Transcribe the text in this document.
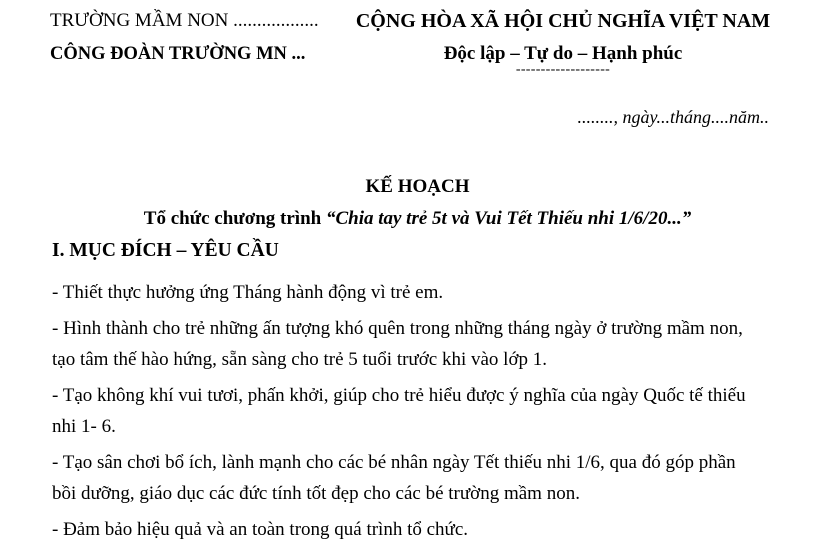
TRƯỜNG MẦM NON ..................
CÔNG ĐOÀN TRƯỜNG MN ...
CỘNG HÒA XÃ HỘI CHỦ NGHĨA VIỆT NAM
Độc lập – Tự do – Hạnh phúc
-------------------
........, ngày...tháng....năm..
KẾ HOẠCH
Tổ chức chương trình “Chia tay trẻ 5t và Vui Tết Thiếu nhi 1/6/20...”
I. MỤC ĐÍCH – YÊU CẦU
- Thiết thực hưởng ứng Tháng hành động vì trẻ em.
- Hình thành cho trẻ những ấn tượng khó quên trong những tháng ngày ở trường mầm non,
tạo tâm thế hào hứng, sẵn sàng cho trẻ 5 tuổi trước khi vào lớp 1.
- Tạo không khí vui tươi, phấn khởi, giúp cho trẻ hiểu được ý nghĩa của ngày Quốc tế thiếu
nhi 1- 6.
- Tạo sân chơi bổ ích, lành mạnh cho các bé nhân ngày Tết thiếu nhi 1/6, qua đó góp phần
bồi dưỡng, giáo dục các đức tính tốt đẹp cho các bé trường mầm non.
- Đảm bảo hiệu quả và an toàn trong quá trình tổ chức.
